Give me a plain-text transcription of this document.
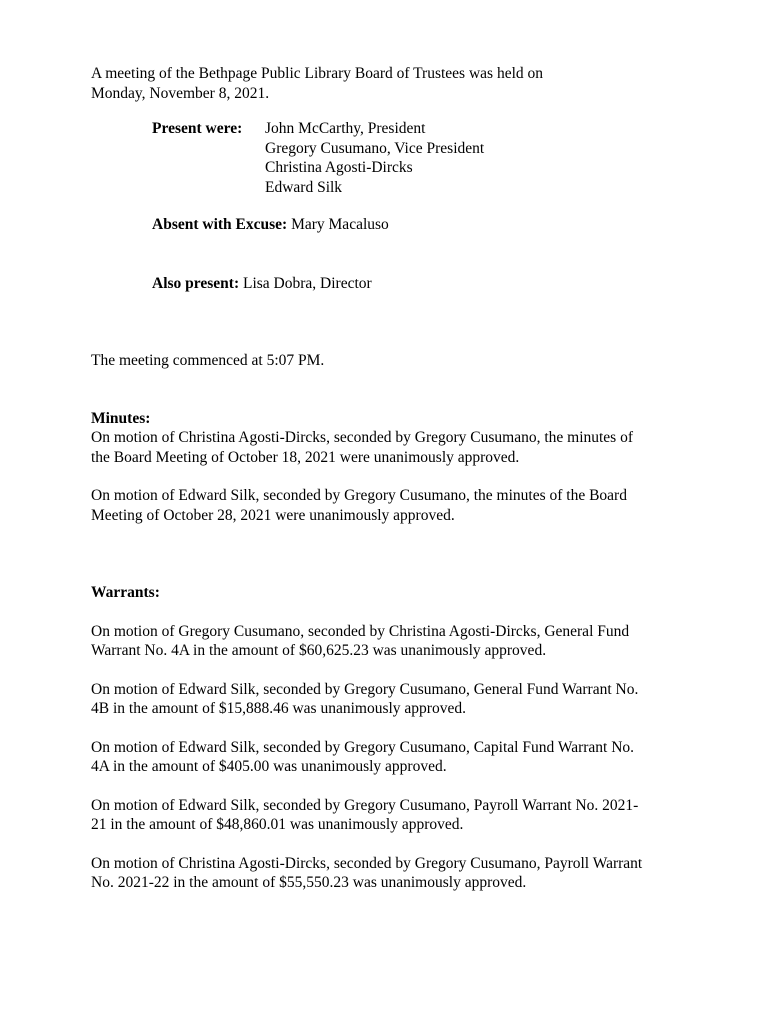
A meeting of the Bethpage Public Library Board of Trustees was held on

Monday, November 8, 2021.

Present were:	John McCarthy, President
Gregory Cusumano, Vice President
Christina Agosti-Dircks
Edward Silk
Absent with Excuse: Mary Macaluso
Also present: Lisa Dobra, Director

The meeting commenced at 5:07 PM.

Minutes:

On motion of Christina Agosti-Dircks, seconded by Gregory Cusumano, the minutes of

the Board Meeting of October 18, 2021 were unanimously approved.

On motion of Edward Silk, seconded by Gregory Cusumano, the minutes of the Board

Meeting of October 28, 2021 were unanimously approved.

Warrants:

On motion of Gregory Cusumano, seconded by Christina Agosti-Dircks, General Fund

Warrant No. 4A in the amount of $60,625.23 was unanimously approved.

On motion of Edward Silk, seconded by Gregory Cusumano, General Fund Warrant No.

4B in the amount of $15,888.46 was unanimously approved.

On motion of Edward Silk, seconded by Gregory Cusumano, Capital Fund Warrant No.

4A in the amount of $405.00 was unanimously approved.

On motion of Edward Silk, seconded by Gregory Cusumano, Payroll Warrant No. 2021-

21 in the amount of $48,860.01 was unanimously approved.

On motion of Christina Agosti-Dircks, seconded by Gregory Cusumano, Payroll Warrant

No. 2021-22 in the amount of $55,550.23 was unanimously approved.
